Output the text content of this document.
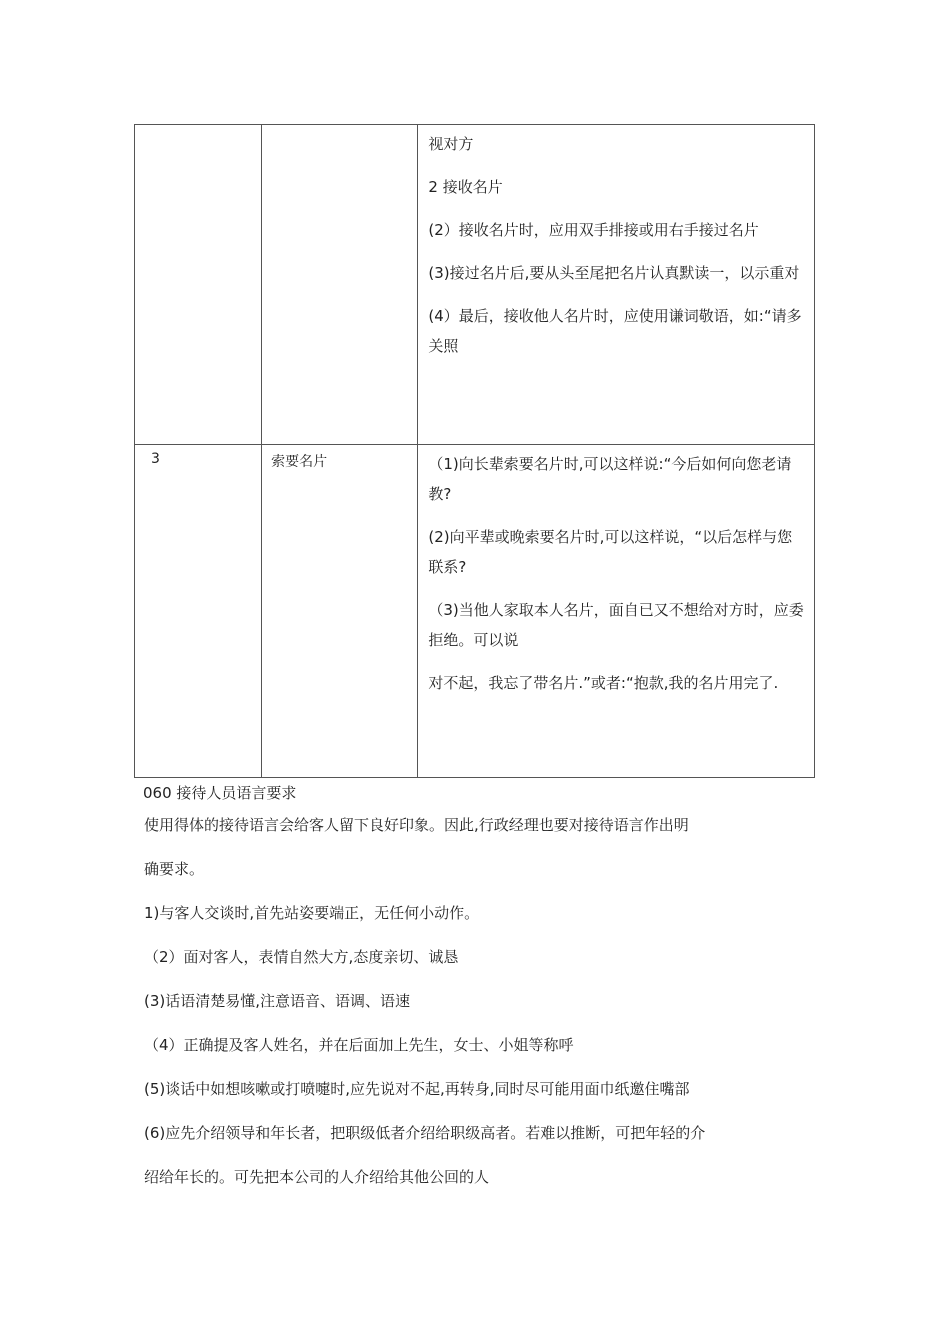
		视对方

2 接收名片

(2）接收名片时，应用双手排接或用右手接过名片

(3)接过名片后,要从头至尾把名片认真默读一，以示重对

(4）最后，接收他人名片时，应使用谦词敬语，如:“请多关照

3	索要名片	（1)向长辈索要名片时,可以这样说:“今后如何向您老请教?

(2)向平辈或晚索要名片时,可以这样说，“以后怎样与您联系?

（3)当他人家取本人名片，面自已又不想给对方时，应委拒绝。可以说

对不起，我忘了带名片.”或者:“抱款,我的名片用完了.

060 接待人员语言要求
使用得体的接待语言会给客人留下良好印象。因此,行政经理也要对接待语言作出明
确要求。
1)与客人交谈时,首先站姿要端正，无任何小动作。
（2）面对客人，表情自然大方,态度亲切、诚恳
(3)话语清楚易懂,注意语音、语调、语速
（4）正确提及客人姓名，并在后面加上先生，女士、小姐等称呼
(5)谈话中如想咳嗽或打喷嚏时,应先说对不起,再转身,同时尽可能用面巾纸邀住嘴部
(6)应先介绍领导和年长者，把职级低者介绍给职级高者。若难以推断，可把年轻的介
绍给年长的。可先把本公司的人介绍给其他公回的人
